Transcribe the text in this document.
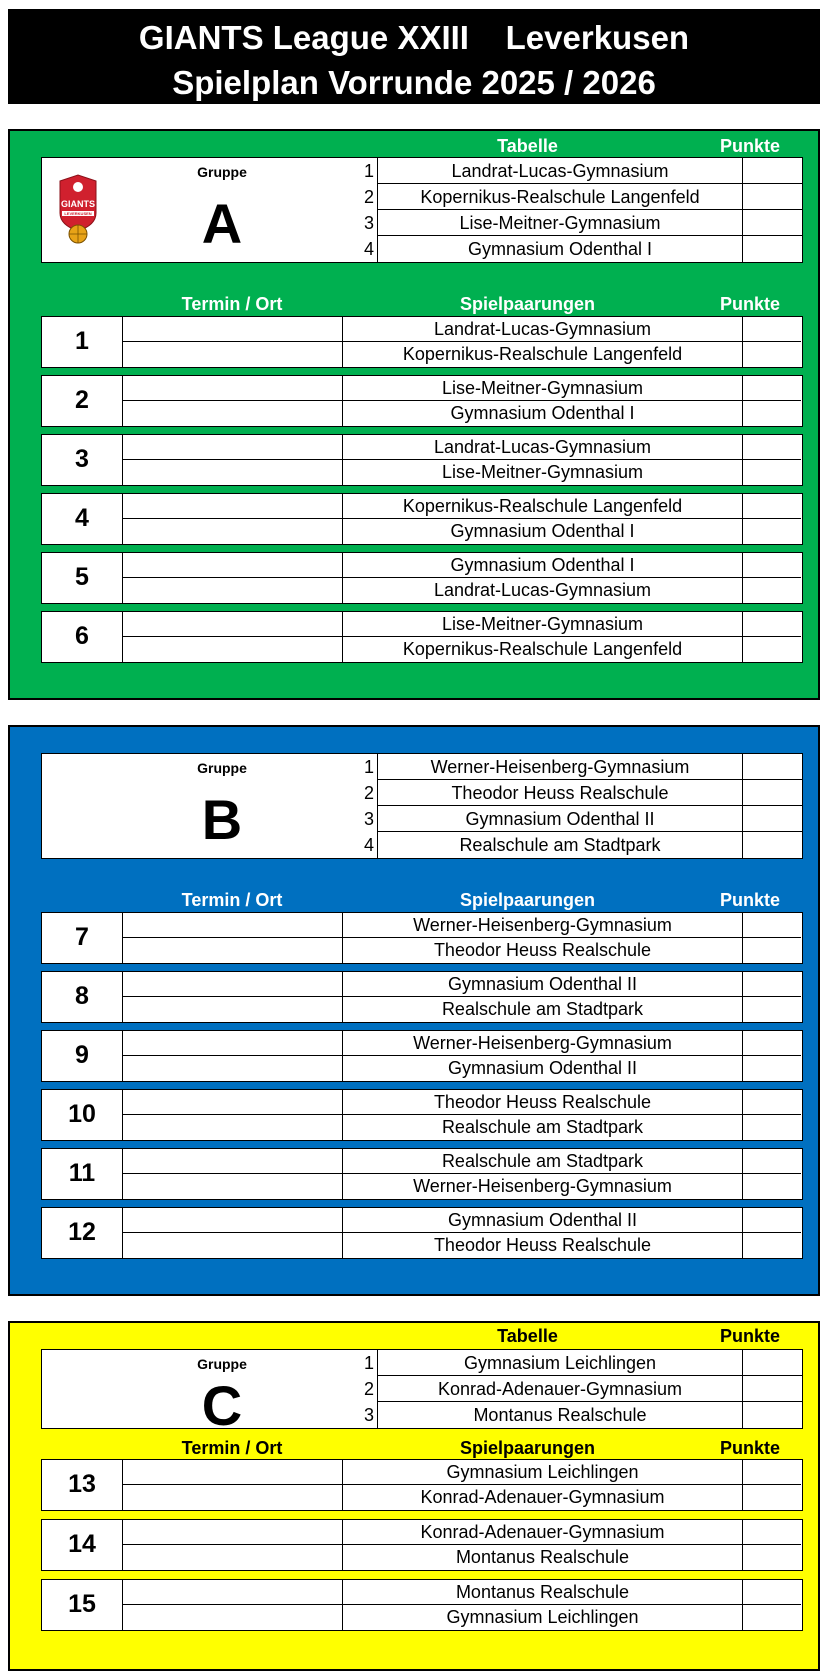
GIANTS League XXIII    Leverkusen
Spielplan Vorrunde 2025 / 2026
Tabelle	Punkte
GIANTS
LEVERKUSEN
Gruppe
A
1	Landrat-Lucas-Gymnasium
2	Kopernikus-Realschule Langenfeld
3	Lise-Meitner-Gymnasium
4	Gymnasium Odenthal I
Termin / Ort	Spielpaarungen	Punkte
1	Landrat-Lucas-Gymnasium
Kopernikus-Realschule Langenfeld
2	Lise-Meitner-Gymnasium
Gymnasium Odenthal I
3	Landrat-Lucas-Gymnasium
Lise-Meitner-Gymnasium
4	Kopernikus-Realschule Langenfeld
Gymnasium Odenthal I
5	Gymnasium Odenthal I
Landrat-Lucas-Gymnasium
6	Lise-Meitner-Gymnasium
Kopernikus-Realschule Langenfeld
Gruppe
B
1	Werner-Heisenberg-Gymnasium
2	Theodor Heuss Realschule
3	Gymnasium Odenthal II
4	Realschule am Stadtpark
Termin / Ort	Spielpaarungen	Punkte
7	Werner-Heisenberg-Gymnasium
Theodor Heuss Realschule
8	Gymnasium Odenthal II
Realschule am Stadtpark
9	Werner-Heisenberg-Gymnasium
Gymnasium Odenthal II
10	Theodor Heuss Realschule
Realschule am Stadtpark
11	Realschule am Stadtpark
Werner-Heisenberg-Gymnasium
12	Gymnasium Odenthal II
Theodor Heuss Realschule
Tabelle	Punkte
Gruppe
C
1	Gymnasium Leichlingen
2	Konrad-Adenauer-Gymnasium
3	Montanus Realschule
Termin / Ort	Spielpaarungen	Punkte
13	Gymnasium Leichlingen
Konrad-Adenauer-Gymnasium
14	Konrad-Adenauer-Gymnasium
Montanus Realschule
15	Montanus Realschule
Gymnasium Leichlingen
